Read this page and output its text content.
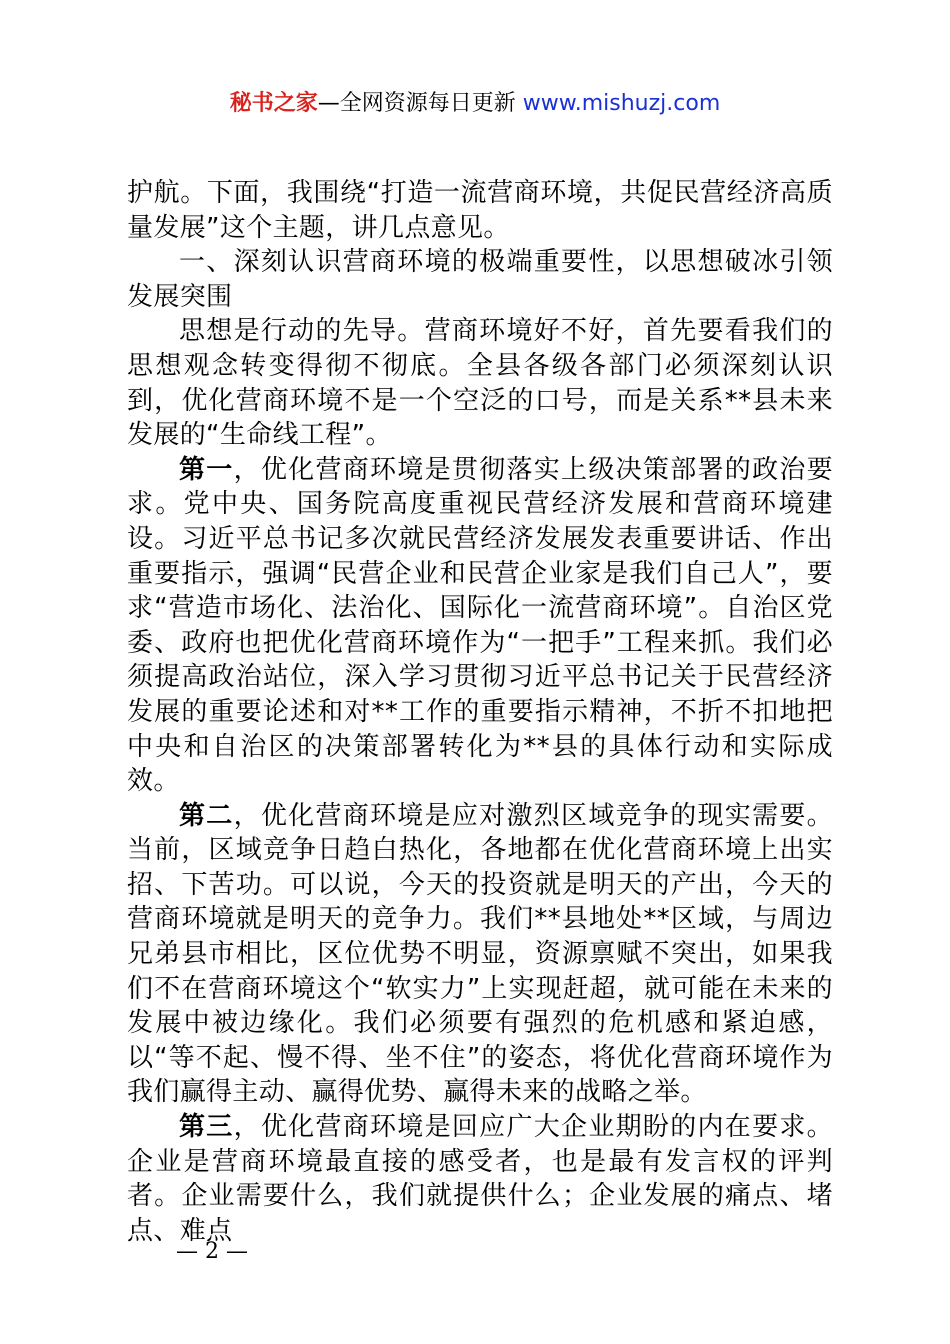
秘书之家—全网资源每日更新 www.mishuzj.com

护航。下面，我围绕“打造一流营商环境，共促民营经济高质量发展”这个主题，讲几点意见。

一、深刻认识营商环境的极端重要性，以思想破冰引领发展突围

思想是行动的先导。营商环境好不好，首先要看我们的思想观念转变得彻不彻底。全县各级各部门必须深刻认识到，优化营商环境不是一个空泛的口号，而是关系**县未来发展的“生命线工程”。

第一，优化营商环境是贯彻落实上级决策部署的政治要求。党中央、国务院高度重视民营经济发展和营商环境建设。习近平总书记多次就民营经济发展发表重要讲话、作出重要指示，强调“民营企业和民营企业家是我们自己人”，要求“营造市场化、法治化、国际化一流营商环境”。自治区党委、政府也把优化营商环境作为“一把手”工程来抓。我们必须提高政治站位，深入学习贯彻习近平总书记关于民营经济发展的重要论述和对**工作的重要指示精神，不折不扣地把中央和自治区的决策部署转化为**县的具体行动和实际成效。

第二，优化营商环境是应对激烈区域竞争的现实需要。当前，区域竞争日趋白热化，各地都在优化营商环境上出实招、下苦功。可以说，今天的投资就是明天的产出，今天的营商环境就是明天的竞争力。我们**县地处**区域，与周边兄弟县市相比，区位优势不明显，资源禀赋不突出，如果我们不在营商环境这个“软实力”上实现赶超，就可能在未来的发展中被边缘化。我们必须要有强烈的危机感和紧迫感，以“等不起、慢不得、坐不住”的姿态，将优化营商环境作为我们赢得主动、赢得优势、赢得未来的战略之举。

第三，优化营商环境是回应广大企业期盼的内在要求。企业是营商环境最直接的感受者，也是最有发言权的评判者。企业需要什么，我们就提供什么；企业发展的痛点、堵点、难点

— 2 —
